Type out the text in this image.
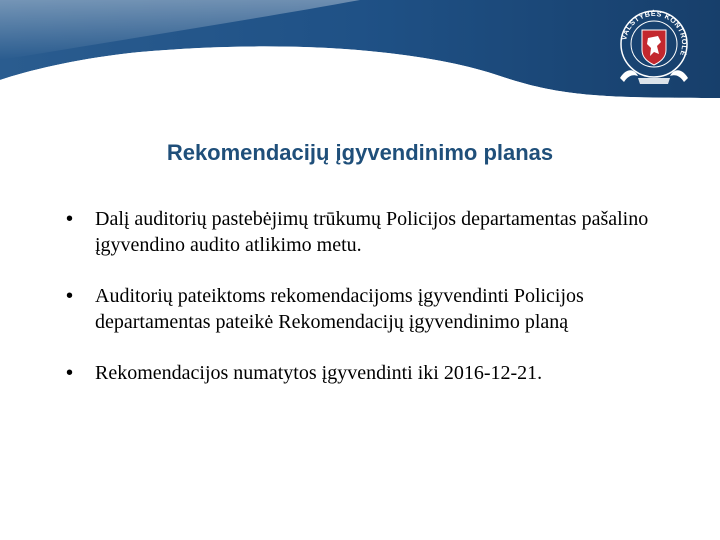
VALSTYBĖS KONTROLĖ
Rekomendacijų įgyvendinimo planas
• Dalį auditorių pastebėjimų trūkumų Policijos departamentas pašalino įgyvendino audito atlikimo metu.
• Auditorių pateiktoms rekomendacijoms įgyvendinti Policijos departamentas pateikė Rekomendacijų įgyvendinimo planą
• Rekomendacijos numatytos įgyvendinti iki 2016-12-21.
